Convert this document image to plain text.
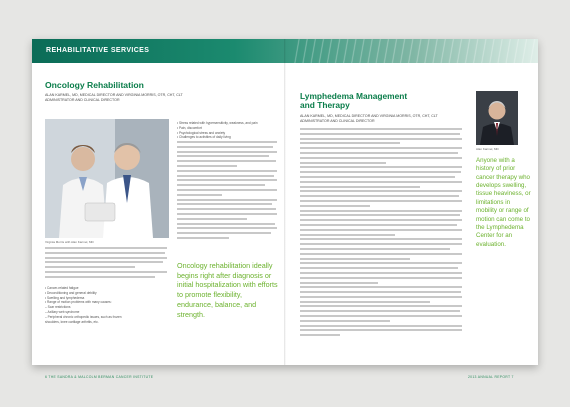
REHABILITATIVE SERVICES
Oncology Rehabilitation
ALAN KARMEL, MD, MEDICAL DIRECTOR AND VIRGINIA MORRIS, OTR, CHT, CLT
ADMINISTRATOR AND CLINICAL DIRECTOR
Virginia Morris with Alan Karmel, MD
• Stress related with hypersensitivity, weakness, and pain
• Pain, discomfort
• Psychological stress and anxiety
• Challenges to activities of daily living
• Cancer-related fatigue
• Deconditioning and general debility
• Swelling and lymphedema
• Range of motion problems with many causes:
– Scar restrictions
– Axillary web syndrome
– Peripheral chronic orthopedic issues, such as frozen
shoulders, knee cartilage arthritis, etc.
Oncology rehabilitation ideally begins right after diagnosis or initial hospitalization with efforts to promote flexibility, endurance, balance, and strength.
6 THE SANDRA & MALCOLM BERMAN CANCER INSTITUTE
Lymphedema Management
and Therapy
ALAN KARMEL, MD, MEDICAL DIRECTOR AND VIRGINIA MORRIS, OTR, CHT, CLT
ADMINISTRATOR AND CLINICAL DIRECTOR
Alan Karmel, MD
Anyone with a history of prior cancer therapy who develops swelling, tissue heaviness, or limitations in mobility or range of motion can come to the Lymphedema Center for an evaluation.
2013 ANNUAL REPORT 7
